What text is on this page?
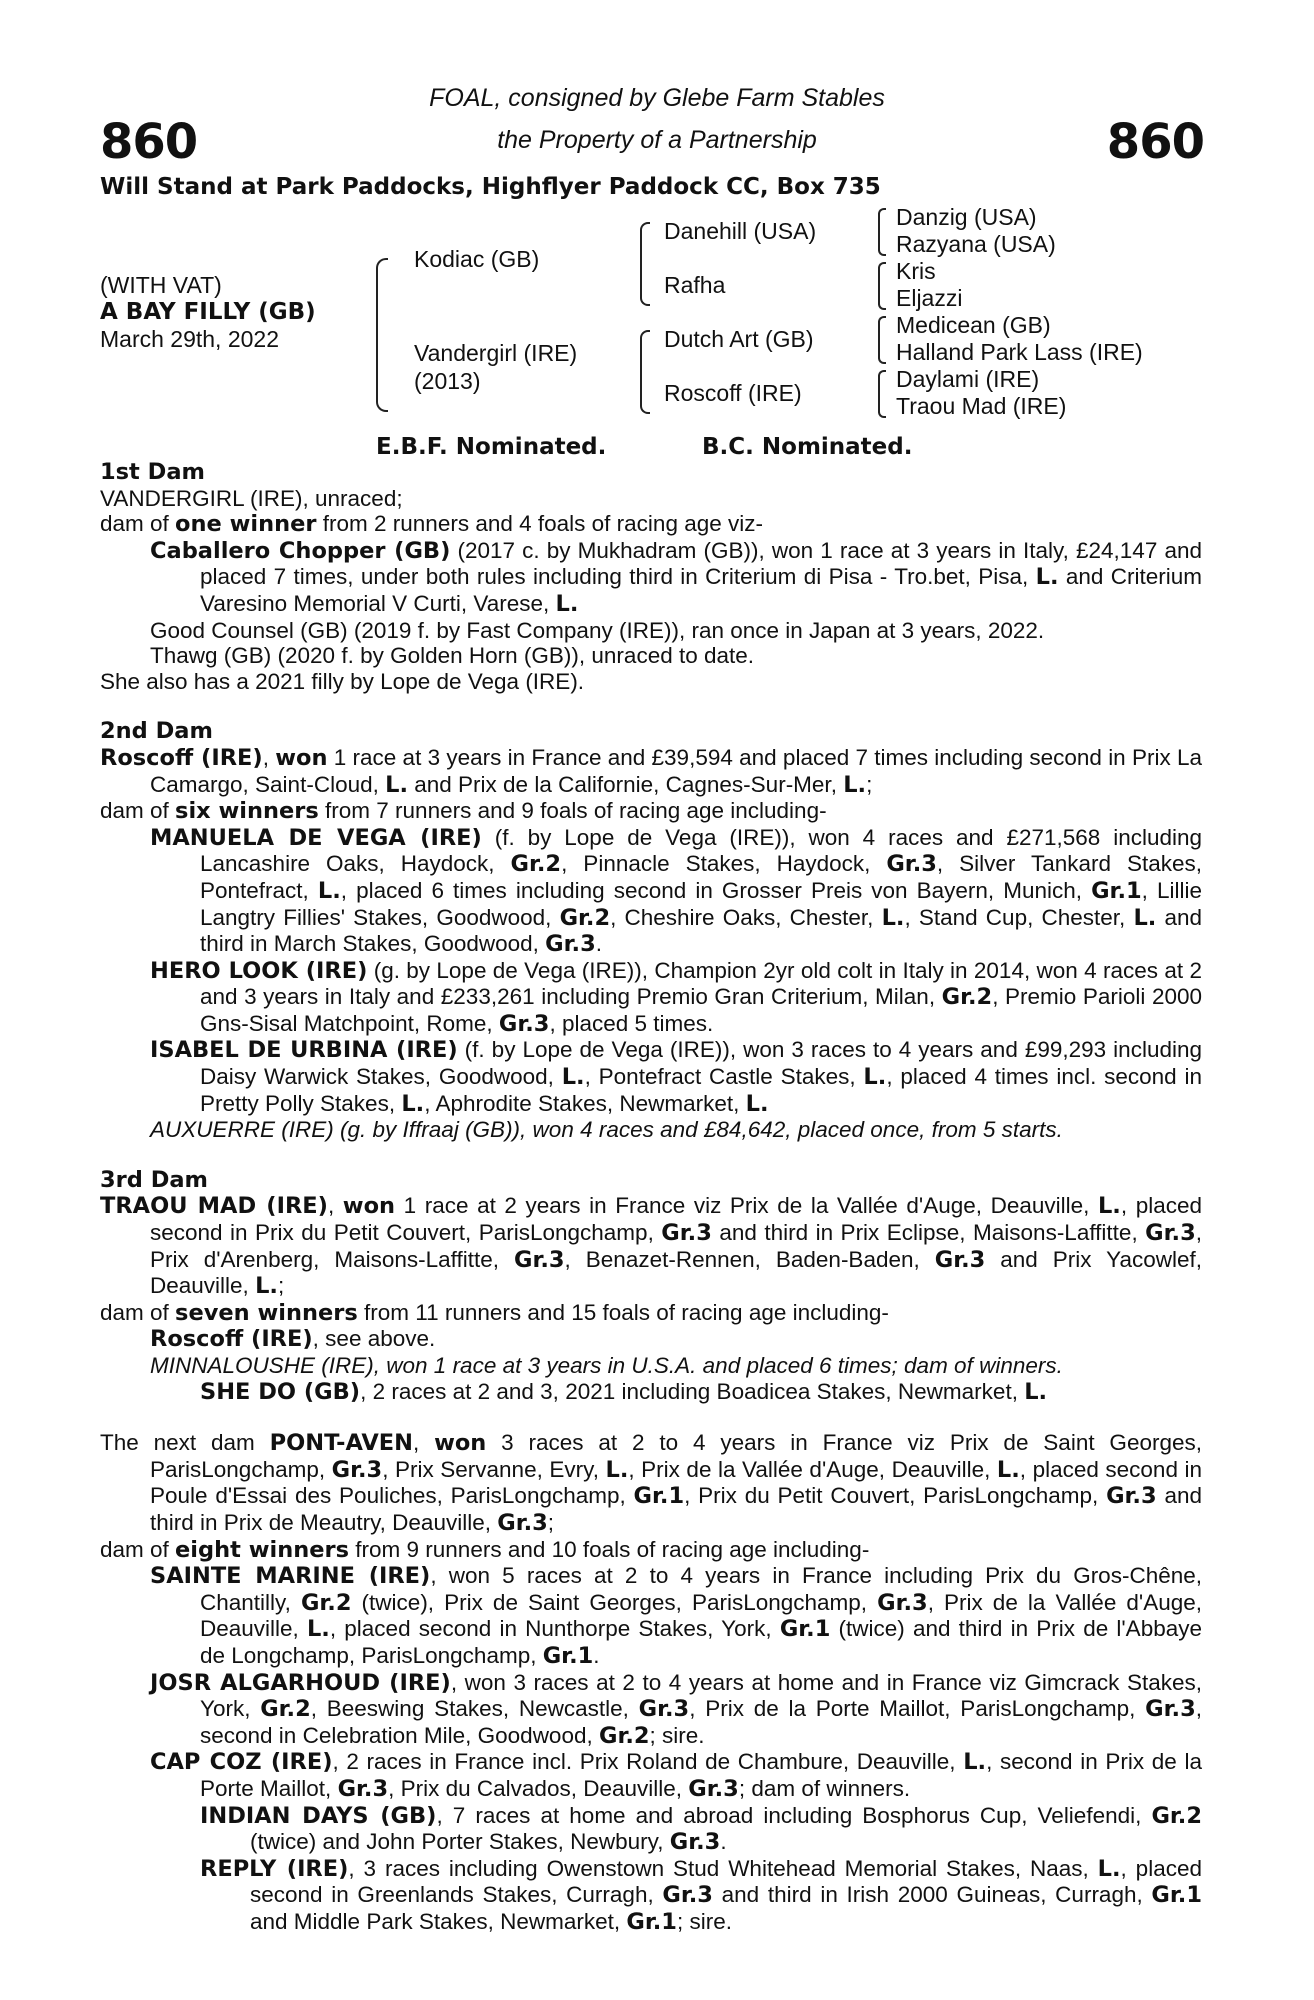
860	860
FOAL, consigned by Glebe Farm Stables
the Property of a Partnership
Will Stand at Park Paddocks, Highflyer Paddock CC, Box 735
(WITH VAT)
A BAY FILLY (GB)
March 29th, 2022
Kodiac (GB)
Vandergirl (IRE)
(2013)
Danehill (USA)
Rafha
Dutch Art (GB)
Roscoff (IRE)
Danzig (USA)
Razyana (USA)
Kris
Eljazzi
Medicean (GB)
Halland Park Lass (IRE)
Daylami (IRE)
Traou Mad (IRE)
E.B.F. Nominated.	B.C. Nominated.
1st Dam

VANDERGIRL (IRE), unraced;

dam of one winner from 2 runners and 4 foals of racing age viz-

Caballero Chopper (GB) (2017 c. by Mukhadram (GB)), won 1 race at 3 years in Italy, £24,147 and placed 7 times, under both rules including third in Criterium di Pisa - Tro.bet, Pisa, L. and Criterium Varesino Memorial V Curti, Varese, L.

Good Counsel (GB) (2019 f. by Fast Company (IRE)), ran once in Japan at 3 years, 2022.

Thawg (GB) (2020 f. by Golden Horn (GB)), unraced to date.

She also has a 2021 filly by Lope de Vega (IRE).

2nd Dam

Roscoff (IRE), won 1 race at 3 years in France and £39,594 and placed 7 times including second in Prix La Camargo, Saint-Cloud, L. and Prix de la Californie, Cagnes-Sur-Mer, L.;

dam of six winners from 7 runners and 9 foals of racing age including-

MANUELA DE VEGA (IRE) (f. by Lope de Vega (IRE)), won 4 races and £271,568 including Lancashire Oaks, Haydock, Gr.2, Pinnacle Stakes, Haydock, Gr.3, Silver Tankard Stakes, Pontefract, L., placed 6 times including second in Grosser Preis von Bayern, Munich, Gr.1, Lillie Langtry Fillies' Stakes, Goodwood, Gr.2, Cheshire Oaks, Chester, L., Stand Cup, Chester, L. and third in March Stakes, Goodwood, Gr.3.

HERO LOOK (IRE) (g. by Lope de Vega (IRE)), Champion 2yr old colt in Italy in 2014, won 4 races at 2 and 3 years in Italy and £233,261 including Premio Gran Criterium, Milan, Gr.2, Premio Parioli 2000 Gns-Sisal Matchpoint, Rome, Gr.3, placed 5 times.

ISABEL DE URBINA (IRE) (f. by Lope de Vega (IRE)), won 3 races to 4 years and £99,293 including Daisy Warwick Stakes, Goodwood, L., Pontefract Castle Stakes, L., placed 4 times incl. second in Pretty Polly Stakes, L., Aphrodite Stakes, Newmarket, L.

AUXUERRE (IRE) (g. by Iffraaj (GB)), won 4 races and £84,642, placed once, from 5 starts.

3rd Dam

TRAOU MAD (IRE), won 1 race at 2 years in France viz Prix de la Vallée d'Auge, Deauville, L., placed second in Prix du Petit Couvert, ParisLongchamp, Gr.3 and third in Prix Eclipse, Maisons-Laffitte, Gr.3, Prix d'Arenberg, Maisons-Laffitte, Gr.3, Benazet-Rennen, Baden-Baden, Gr.3 and Prix Yacowlef, Deauville, L.;

dam of seven winners from 11 runners and 15 foals of racing age including-

Roscoff (IRE), see above.

MINNALOUSHE (IRE), won 1 race at 3 years in U.S.A. and placed 6 times; dam of winners.

SHE DO (GB), 2 races at 2 and 3, 2021 including Boadicea Stakes, Newmarket, L.

The next dam PONT-AVEN, won 3 races at 2 to 4 years in France viz Prix de Saint Georges, ParisLongchamp, Gr.3, Prix Servanne, Evry, L., Prix de la Vallée d'Auge, Deauville, L., placed second in Poule d'Essai des Pouliches, ParisLongchamp, Gr.1, Prix du Petit Couvert, ParisLongchamp, Gr.3 and third in Prix de Meautry, Deauville, Gr.3;

dam of eight winners from 9 runners and 10 foals of racing age including-

SAINTE MARINE (IRE), won 5 races at 2 to 4 years in France including Prix du Gros-Chêne, Chantilly, Gr.2 (twice), Prix de Saint Georges, ParisLongchamp, Gr.3, Prix de la Vallée d'Auge, Deauville, L., placed second in Nunthorpe Stakes, York, Gr.1 (twice) and third in Prix de l'Abbaye de Longchamp, ParisLongchamp, Gr.1.

JOSR ALGARHOUD (IRE), won 3 races at 2 to 4 years at home and in France viz Gimcrack Stakes, York, Gr.2, Beeswing Stakes, Newcastle, Gr.3, Prix de la Porte Maillot, ParisLongchamp, Gr.3, second in Celebration Mile, Goodwood, Gr.2; sire.

CAP COZ (IRE), 2 races in France incl. Prix Roland de Chambure, Deauville, L., second in Prix de la Porte Maillot, Gr.3, Prix du Calvados, Deauville, Gr.3; dam of winners.

INDIAN DAYS (GB), 7 races at home and abroad including Bosphorus Cup, Veliefendi, Gr.2 (twice) and John Porter Stakes, Newbury, Gr.3.

REPLY (IRE), 3 races including Owenstown Stud Whitehead Memorial Stakes, Naas, L., placed second in Greenlands Stakes, Curragh, Gr.3 and third in Irish 2000 Guineas, Curragh, Gr.1 and Middle Park Stakes, Newmarket, Gr.1; sire.
